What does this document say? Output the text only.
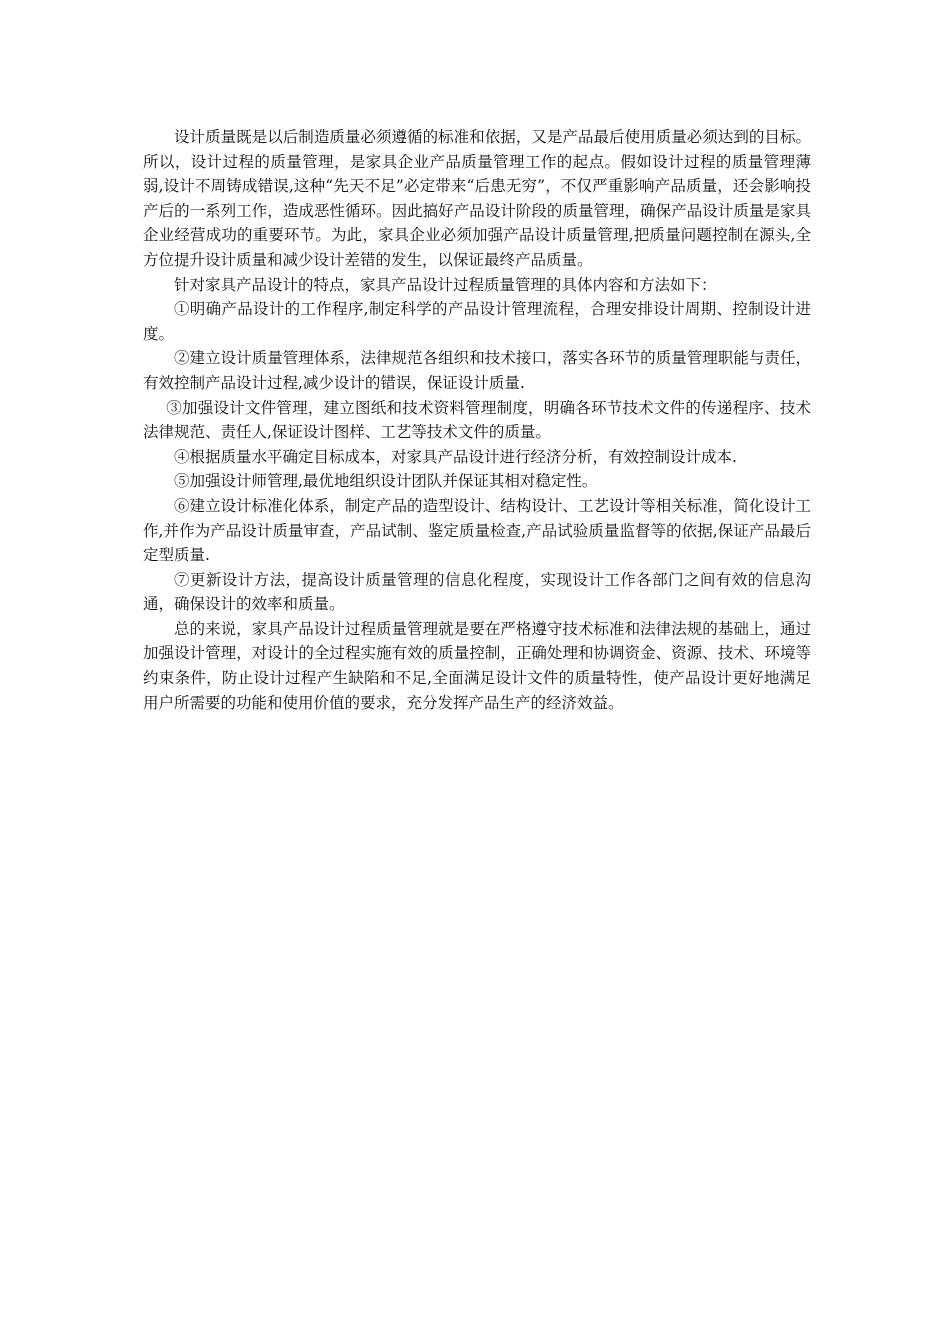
设计质量既是以后制造质量必须遵循的标准和依据，又是产品最后使用质量必须达到的目标。所以，设计过程的质量管理，是家具企业产品质量管理工作的起点。假如设计过程的质量管理薄弱,设计不周铸成错误,这种“先天不足”必定带来“后患无穷”，不仅严重影响产品质量，还会影响投产后的一系列工作，造成恶性循环。因此搞好产品设计阶段的质量管理，确保产品设计质量是家具企业经营成功的重要环节。为此，家具企业必须加强产品设计质量管理,把质量问题控制在源头,全方位提升设计质量和减少设计差错的发生，以保证最终产品质量。

针对家具产品设计的特点，家具产品设计过程质量管理的具体内容和方法如下：

①明确产品设计的工作程序,制定科学的产品设计管理流程，合理安排设计周期、控制设计进度。

②建立设计质量管理体系，法律规范各组织和技术接口，落实各环节的质量管理职能与责任，有效控制产品设计过程,减少设计的错误，保证设计质量.

③加强设计文件管理，建立图纸和技术资料管理制度，明确各环节技术文件的传递程序、技术法律规范、责任人,保证设计图样、工艺等技术文件的质量。

④根据质量水平确定目标成本，对家具产品设计进行经济分析，有效控制设计成本.

⑤加强设计师管理,最优地组织设计团队并保证其相对稳定性。

⑥建立设计标准化体系，制定产品的造型设计、结构设计、工艺设计等相关标准，简化设计工作,并作为产品设计质量审查，产品试制、鉴定质量检查,产品试验质量监督等的依据,保证产品最后定型质量.

⑦更新设计方法，提高设计质量管理的信息化程度，实现设计工作各部门之间有效的信息沟通，确保设计的效率和质量。

总的来说，家具产品设计过程质量管理就是要在严格遵守技术标准和法律法规的基础上，通过加强设计管理，对设计的全过程实施有效的质量控制，正确处理和协调资金、资源、技术、环境等约束条件，防止设计过程产生缺陷和不足,全面满足设计文件的质量特性，使产品设计更好地满足用户所需要的功能和使用价值的要求，充分发挥产品生产的经济效益。
